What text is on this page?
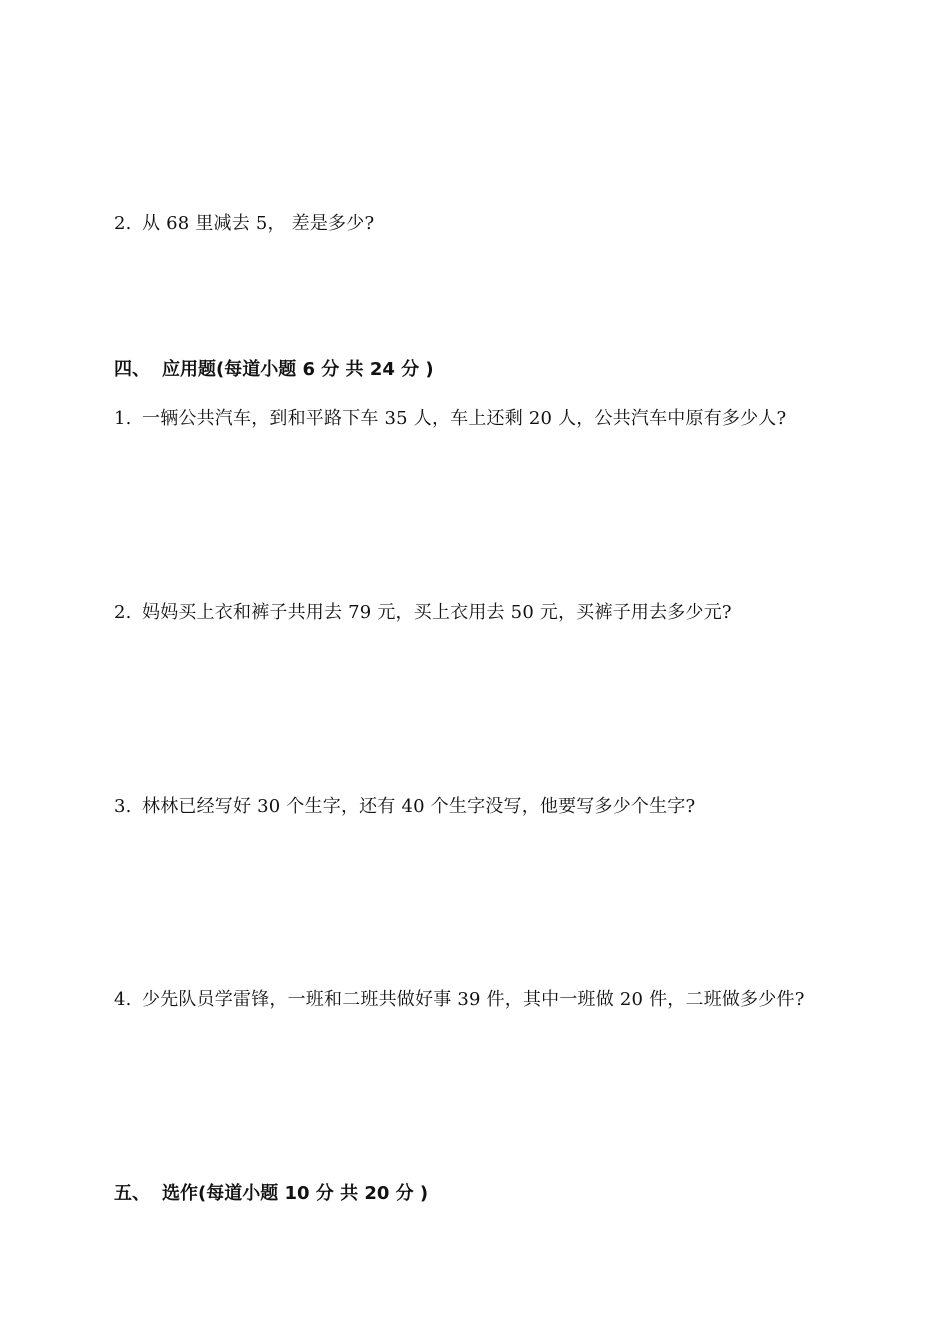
2. 从 68 里减去 5， 差是多少?
四、 应用题(每道小题 6 分 共 24 分 )
1. 一辆公共汽车，到和平路下车 35 人，车上还剩 20 人，公共汽车中原有多少人?
2. 妈妈买上衣和裤子共用去 79 元，买上衣用去 50 元，买裤子用去多少元?
3. 林林已经写好 30 个生字，还有 40 个生字没写，他要写多少个生字?
4. 少先队员学雷锋，一班和二班共做好事 39 件，其中一班做 20 件，二班做多少件?
五、 选作(每道小题 10 分 共 20 分 )
